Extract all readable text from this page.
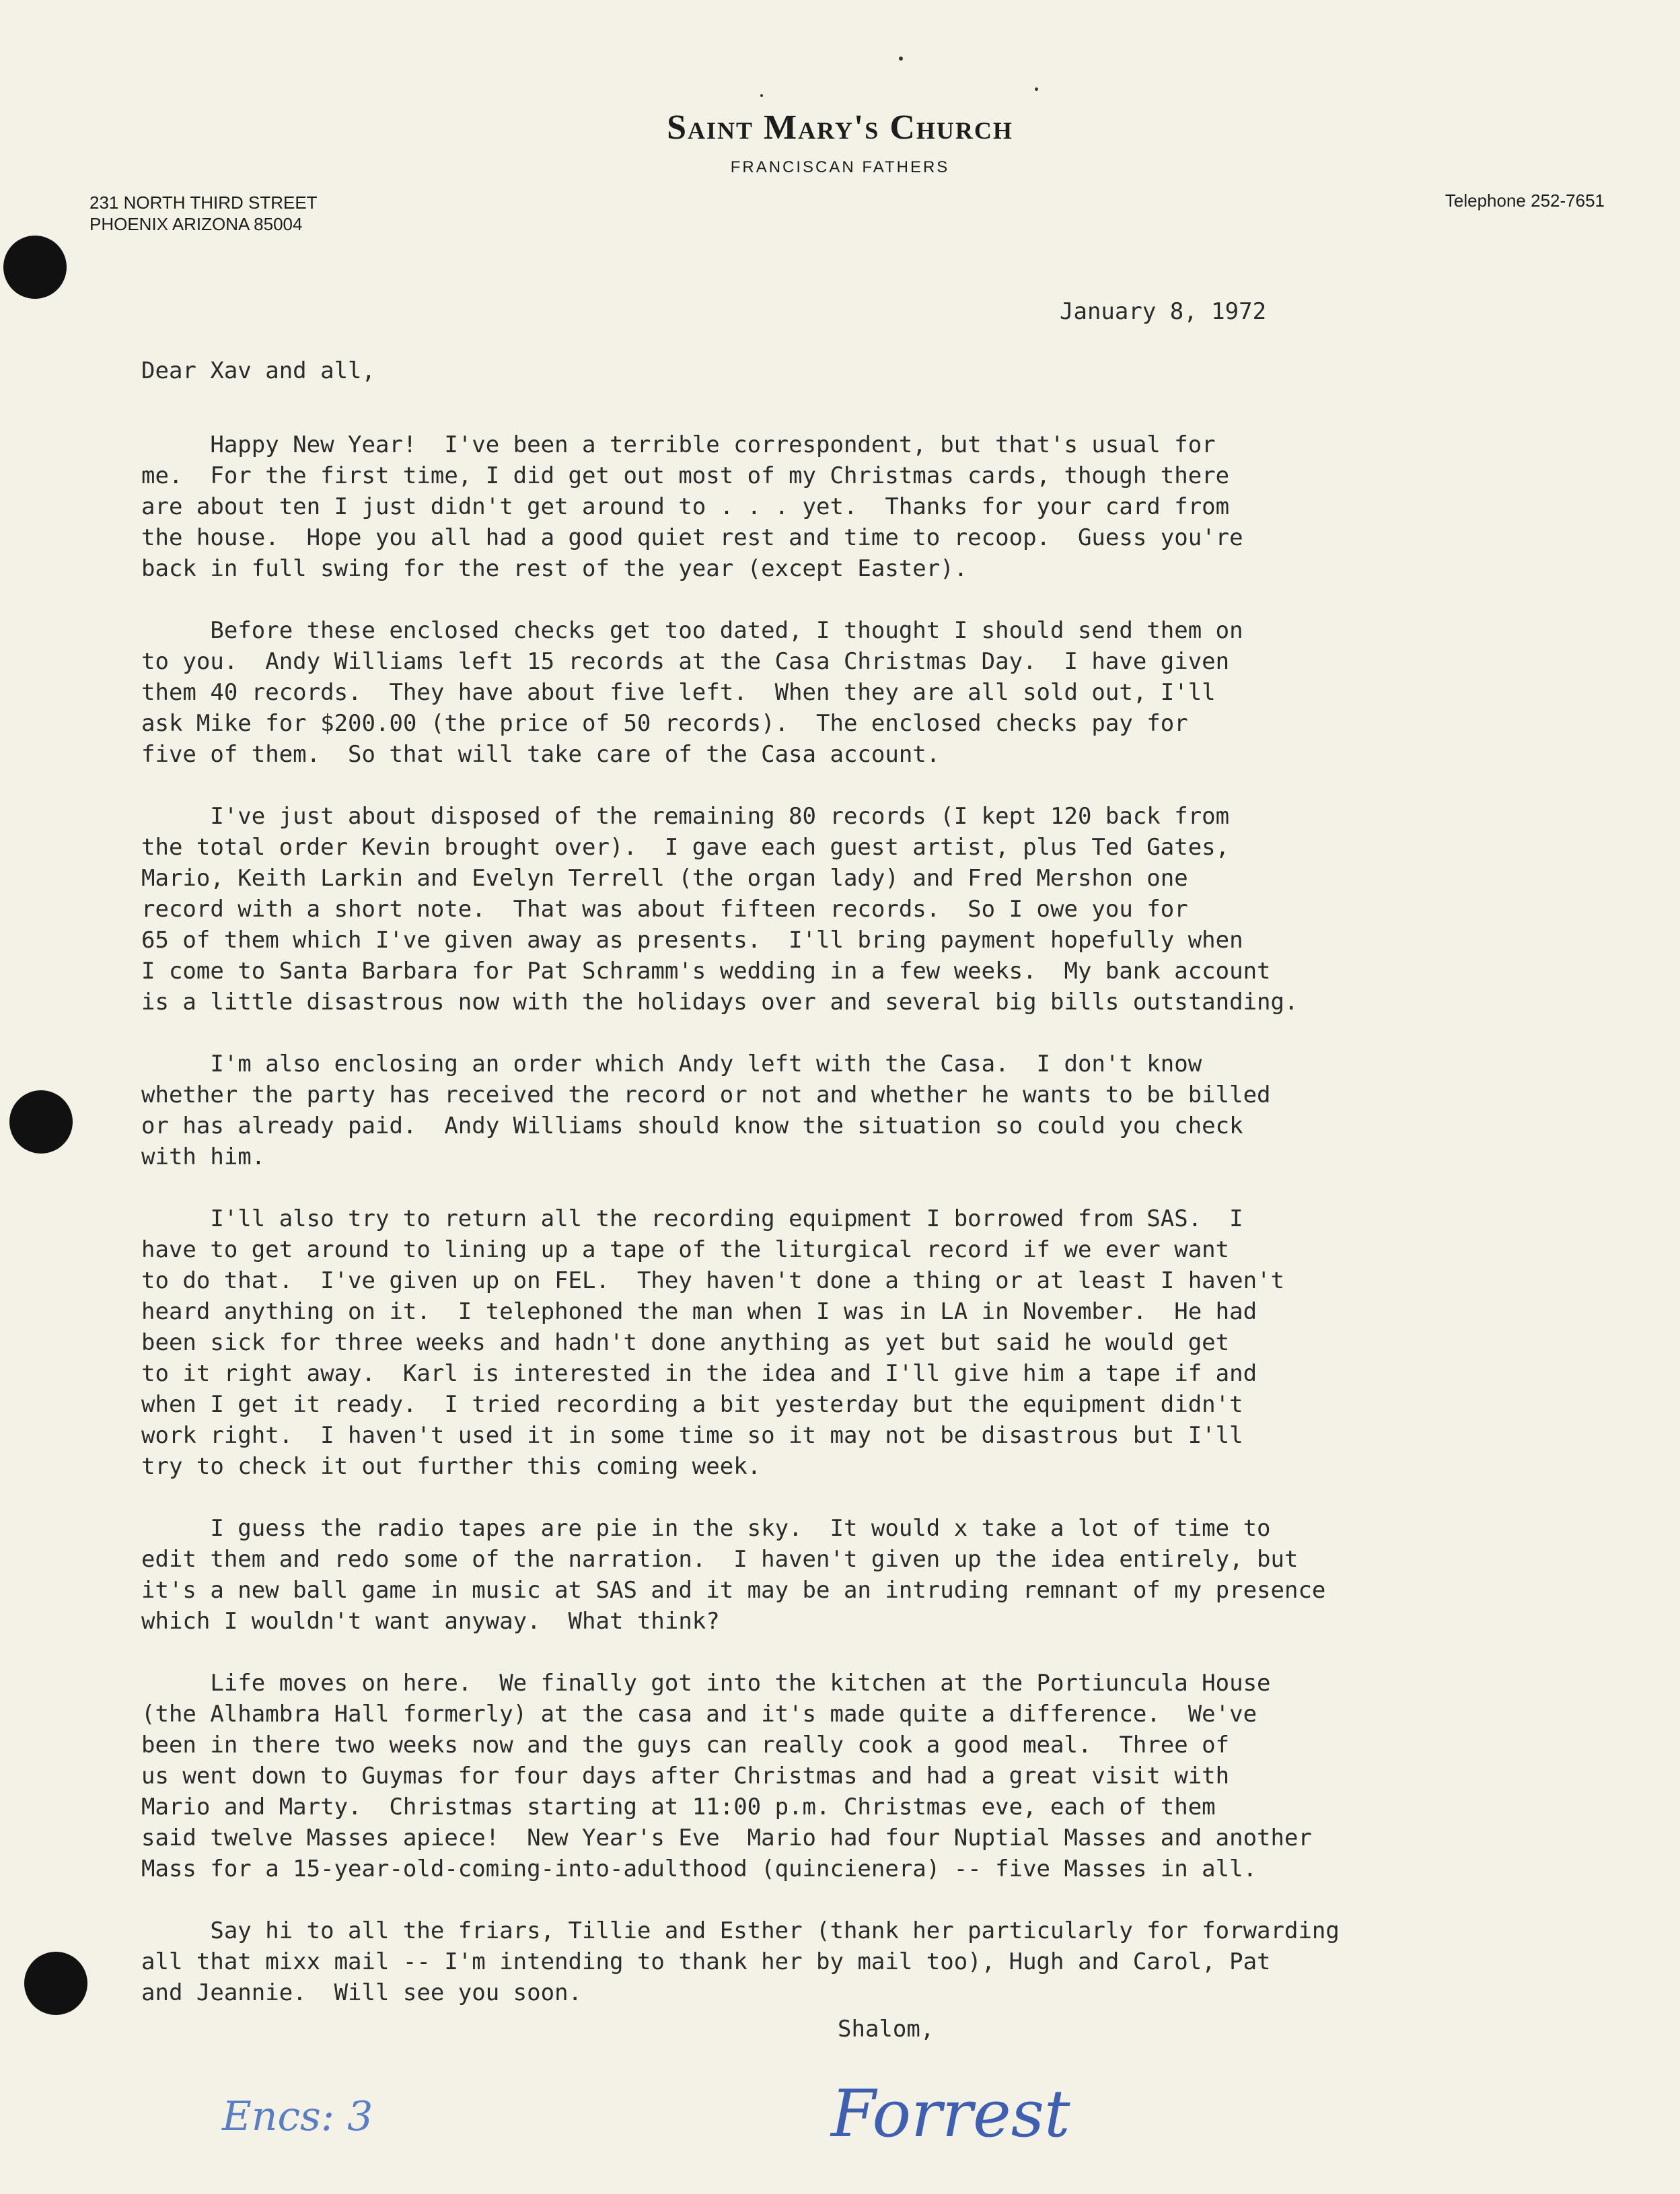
Saint Mary's Church
FRANCISCAN FATHERS
231 NORTH THIRD STREET
PHOENIX ARIZONA 85004
Telephone 252-7651
January 8, 1972
Dear Xav and all,
Happy New Year!  I've been a terrible correspondent, but that's usual for
me.  For the first time, I did get out most of my Christmas cards, though there
are about ten I just didn't get around to . . . yet.  Thanks for your card from
the house.  Hope you all had a good quiet rest and time to recoop.  Guess you're
back in full swing for the rest of the year (except Easter).
Before these enclosed checks get too dated, I thought I should send them on
to you.  Andy Williams left 15 records at the Casa Christmas Day.  I have given
them 40 records.  They have about five left.  When they are all sold out, I'll
ask Mike for $200.00 (the price of 50 records).  The enclosed checks pay for
five of them.  So that will take care of the Casa account.
I've just about disposed of the remaining 80 records (I kept 120 back from
the total order Kevin brought over).  I gave each guest artist, plus Ted Gates,
Mario, Keith Larkin and Evelyn Terrell (the organ lady) and Fred Mershon one
record with a short note.  That was about fifteen records.  So I owe you for
65 of them which I've given away as presents.  I'll bring payment hopefully when
I come to Santa Barbara for Pat Schramm's wedding in a few weeks.  My bank account
is a little disastrous now with the holidays over and several big bills outstanding.
I'm also enclosing an order which Andy left with the Casa.  I don't know
whether the party has received the record or not and whether he wants to be billed
or has already paid.  Andy Williams should know the situation so could you check
with him.
I'll also try to return all the recording equipment I borrowed from SAS.  I
have to get around to lining up a tape of the liturgical record if we ever want
to do that.  I've given up on FEL.  They haven't done a thing or at least I haven't
heard anything on it.  I telephoned the man when I was in LA in November.  He had
been sick for three weeks and hadn't done anything as yet but said he would get
to it right away.  Karl is interested in the idea and I'll give him a tape if and
when I get it ready.  I tried recording a bit yesterday but the equipment didn't
work right.  I haven't used it in some time so it may not be disastrous but I'll
try to check it out further this coming week.
I guess the radio tapes are pie in the sky.  It would x take a lot of time to
edit them and redo some of the narration.  I haven't given up the idea entirely, but
it's a new ball game in music at SAS and it may be an intruding remnant of my presence
which I wouldn't want anyway.  What think?
Life moves on here.  We finally got into the kitchen at the Portiuncula House
(the Alhambra Hall formerly) at the casa and it's made quite a difference.  We've
been in there two weeks now and the guys can really cook a good meal.  Three of
us went down to Guymas for four days after Christmas and had a great visit with
Mario and Marty.  Christmas starting at 11:00 p.m. Christmas eve, each of them
said twelve Masses apiece!  New Year's Eve  Mario had four Nuptial Masses and another
Mass for a 15-year-old-coming-into-adulthood (quincienera) -- five Masses in all.
Say hi to all the friars, Tillie and Esther (thank her particularly for forwarding
all that mixx mail -- I'm intending to thank her by mail too), Hugh and Carol, Pat
and Jeannie.  Will see you soon.
Shalom,
Forrest
Encs: 3
